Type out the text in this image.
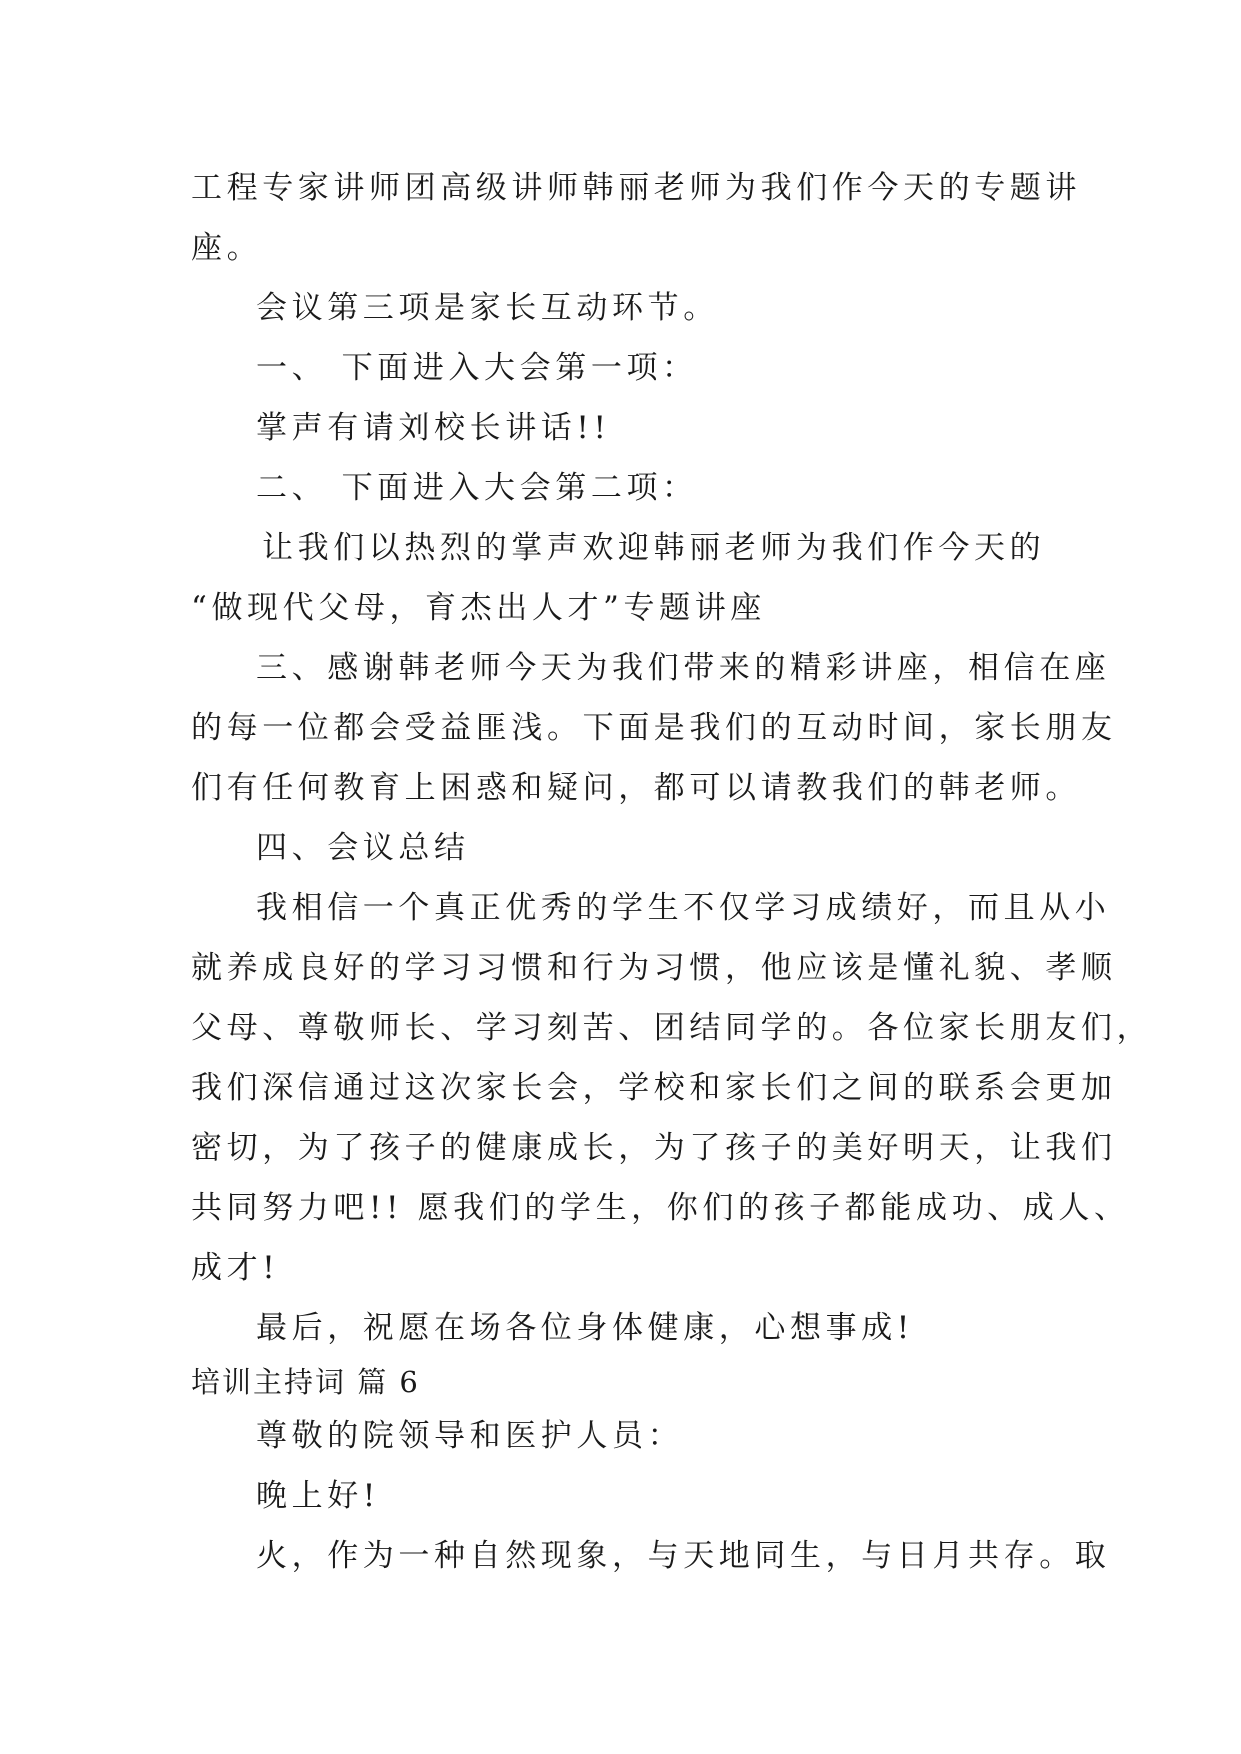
工程专家讲师团高级讲师韩丽老师为我们作今天的专题讲
座。
会议第三项是家长互动环节。
一、 下面进入大会第一项：
掌声有请刘校长讲话!!
二、 下面进入大会第二项：
让我们以热烈的掌声欢迎韩丽老师为我们作今天的
“做现代父母，育杰出人才”专题讲座
三、感谢韩老师今天为我们带来的精彩讲座，相信在座
的每一位都会受益匪浅。下面是我们的互动时间，家长朋友
们有任何教育上困惑和疑问，都可以请教我们的韩老师。
四、会议总结
我相信一个真正优秀的学生不仅学习成绩好，而且从小
就养成良好的学习习惯和行为习惯，他应该是懂礼貌、孝顺
父母、尊敬师长、学习刻苦、团结同学的。各位家长朋友们，
我们深信通过这次家长会，学校和家长们之间的联系会更加
密切，为了孩子的健康成长，为了孩子的美好明天，让我们
共同努力吧!! 愿我们的学生，你们的孩子都能成功、成人、
成才!
最后，祝愿在场各位身体健康，心想事成!
培训主持词 篇 6
尊敬的院领导和医护人员：
晚上好!
火，作为一种自然现象，与天地同生，与日月共存。取
